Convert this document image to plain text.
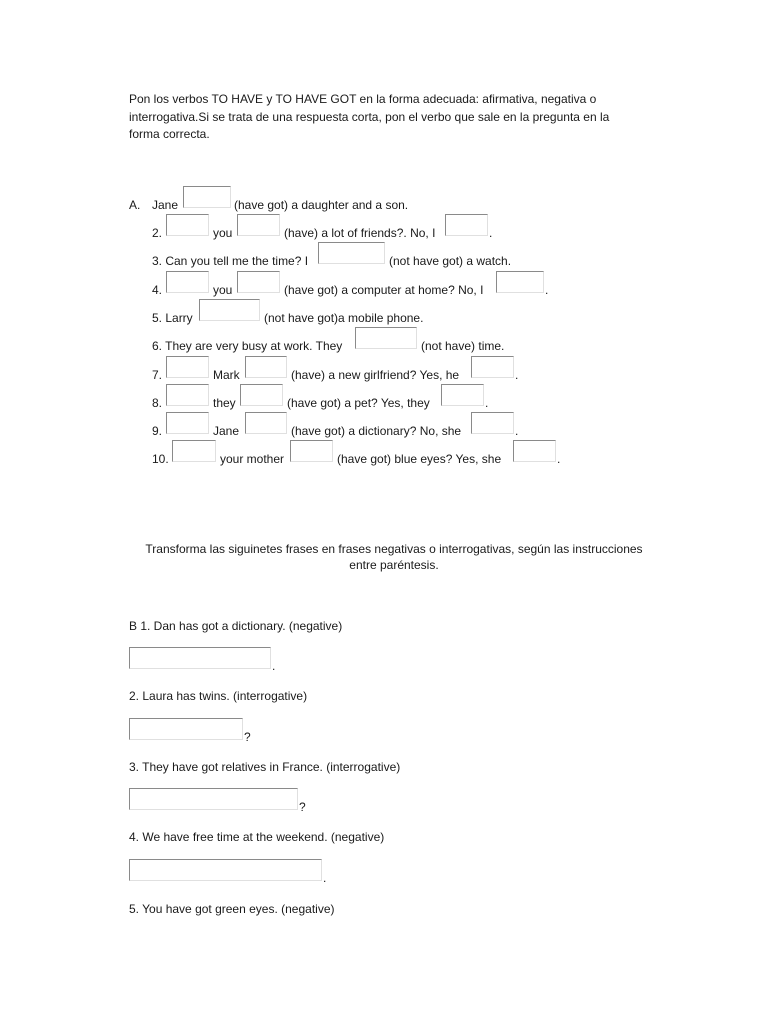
Pon los verbos TO HAVE y TO HAVE GOT en la forma adecuada: afirmativa, negativa o interrogativa.Si se trata de una respuesta corta, pon el verbo que sale en la pregunta en la forma correcta.
A. Jane	(have got) a daughter and a son.
2.	you	(have) a lot of friends?. No, I	.
3. Can you tell me the time? I	(not have got) a watch.
4.	you	(have got) a computer at home? No, I	.
5. Larry	(not have got)a mobile phone.
6. They are very busy at work. They	(not have) time.
7.	Mark	(have) a new girlfriend? Yes, he	.
8.	they	(have got) a pet? Yes, they	.
9.	Jane	(have got) a dictionary? No, she	.
10.	your mother	(have got) blue eyes? Yes, she	.
Transforma las siguinetes frases en frases negativas o interrogativas, según las instrucciones
entre paréntesis.
B 1. Dan has got a dictionary. (negative)
.
2. Laura has twins. (interrogative)
?
3. They have got relatives in France. (interrogative)
?
4. We have free time at the weekend. (negative)
.
5. You have got green eyes. (negative)
